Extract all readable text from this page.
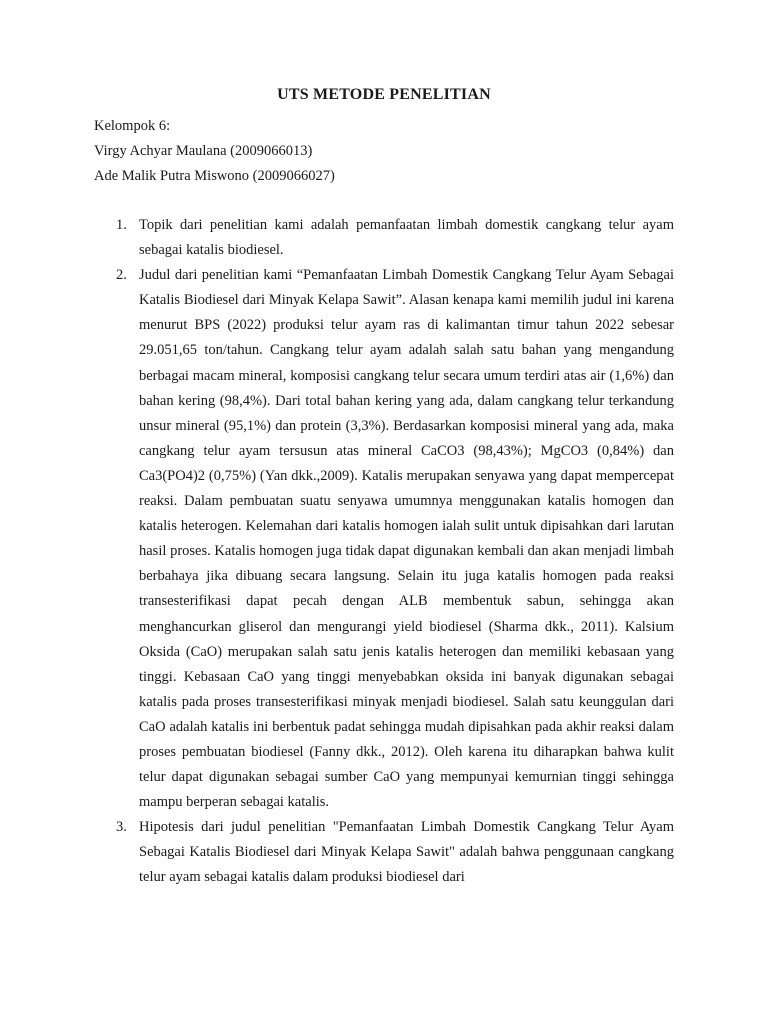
UTS METODE PENELITIAN
Kelompok 6:
Virgy Achyar Maulana (2009066013)
Ade Malik Putra Miswono (2009066027)
1. Topik dari penelitian kami adalah pemanfaatan limbah domestik cangkang telur ayam sebagai katalis biodiesel.
2. Judul dari penelitian kami “Pemanfaatan Limbah Domestik Cangkang Telur Ayam Sebagai Katalis Biodiesel dari Minyak Kelapa Sawit”. Alasan kenapa kami memilih judul ini karena menurut BPS (2022) produksi telur ayam ras di kalimantan timur tahun 2022 sebesar 29.051,65 ton/tahun. Cangkang telur ayam adalah salah satu bahan yang mengandung berbagai macam mineral, komposisi cangkang telur secara umum terdiri atas air (1,6%) dan bahan kering (98,4%). Dari total bahan kering yang ada, dalam cangkang telur terkandung unsur mineral (95,1%) dan protein (3,3%). Berdasarkan komposisi mineral yang ada, maka cangkang telur ayam tersusun atas mineral CaCO3 (98,43%); MgCO3 (0,84%) dan Ca3(PO4)2 (0,75%) (Yan dkk.,2009). Katalis merupakan senyawa yang dapat mempercepat reaksi. Dalam pembuatan suatu senyawa umumnya menggunakan katalis homogen dan katalis heterogen. Kelemahan dari katalis homogen ialah sulit untuk dipisahkan dari larutan hasil proses. Katalis homogen juga tidak dapat digunakan kembali dan akan menjadi limbah berbahaya jika dibuang secara langsung. Selain itu juga katalis homogen pada reaksi transesterifikasi dapat pecah dengan ALB membentuk sabun, sehingga akan menghancurkan gliserol dan mengurangi yield biodiesel (Sharma dkk., 2011). Kalsium Oksida (CaO) merupakan salah satu jenis katalis heterogen dan memiliki kebasaan yang tinggi. Kebasaan CaO yang tinggi menyebabkan oksida ini banyak digunakan sebagai katalis pada proses transesterifikasi minyak menjadi biodiesel. Salah satu keunggulan dari CaO adalah katalis ini berbentuk padat sehingga mudah dipisahkan pada akhir reaksi dalam proses pembuatan biodiesel (Fanny dkk., 2012). Oleh karena itu diharapkan bahwa kulit telur dapat digunakan sebagai sumber CaO yang mempunyai kemurnian tinggi sehingga mampu berperan sebagai katalis.
3. Hipotesis dari judul penelitian "Pemanfaatan Limbah Domestik Cangkang Telur Ayam Sebagai Katalis Biodiesel dari Minyak Kelapa Sawit" adalah bahwa penggunaan cangkang telur ayam sebagai katalis dalam produksi biodiesel dari
